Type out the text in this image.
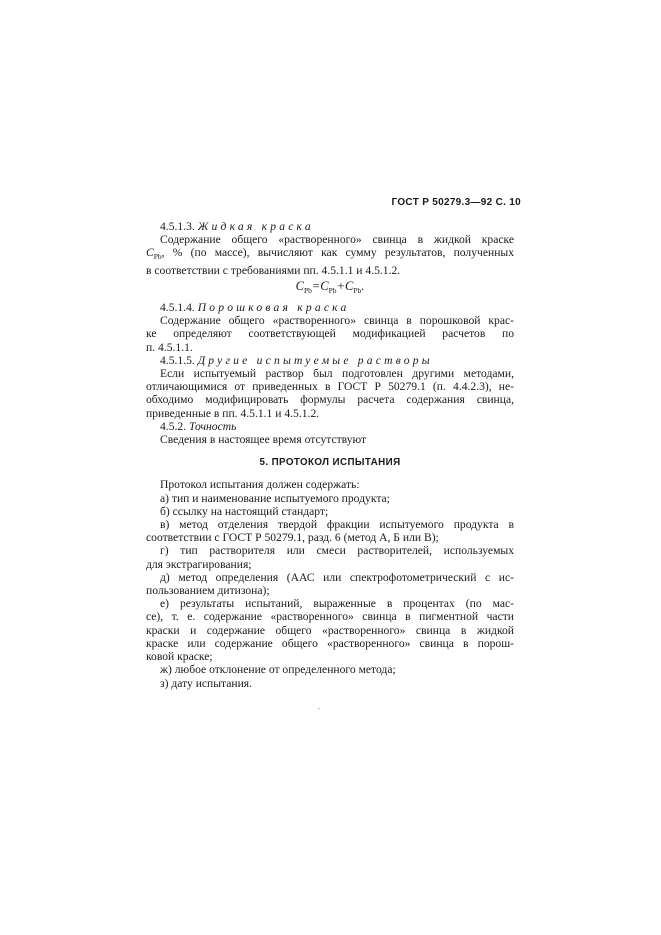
ГОСТ Р 50279.3—92 С. 10

4.5.1.3. Жидкая краска

Содержание общего «растворенного» свинца в жидкой краске

$C_{Pb}$, % (по массе), вычисляют как сумму результатов, полученных

в соответствии с требованиями пп. 4.5.1.1 и 4.5.1.2.

$C_{Pb}=C_{Pb}+C_{Pb}$.

4.5.1.4. Порошковая краска

Содержание общего «растворенного» свинца в порошковой крас-

ке определяют соответствующей модификацией расчетов по

п. 4.5.1.1.

4.5.1.5. Другие испытуемые растворы

Если испытуемый раствор был подготовлен другими методами,

отличающимися от приведенных в ГОСТ Р 50279.1 (п. 4.4.2.3), не-

обходимо модифицировать формулы расчета содержания свинца,

приведенные в пп. 4.5.1.1 и 4.5.1.2.

4.5.2. Точность

Сведения в настоящее время отсутствуют

5. ПРОТОКОЛ ИСПЫТАНИЯ

Протокол испытания должен содержать:

а) тип и наименование испытуемого продукта;

б) ссылку на настоящий стандарт;

в) метод отделения твердой фракции испытуемого продукта в

соответствии с ГОСТ Р 50279.1, разд. 6 (метод А, Б или В);

г) тип растворителя или смеси растворителей, используемых

для экстрагирования;

д) метод определения (ААС или спектрофотометрический с ис-

пользованием дитизона);

е) результаты испытаний, выраженные в процентах (по мас-

се), т. е. содержание «растворенного» свинца в пигментной части

краски и содержание общего «растворенного» свинца в жидкой

краске или содержание общего «растворенного» свинца в порош-

ковой краске;

ж) любое отклонение от определенного метода;

з) дату испытания.
